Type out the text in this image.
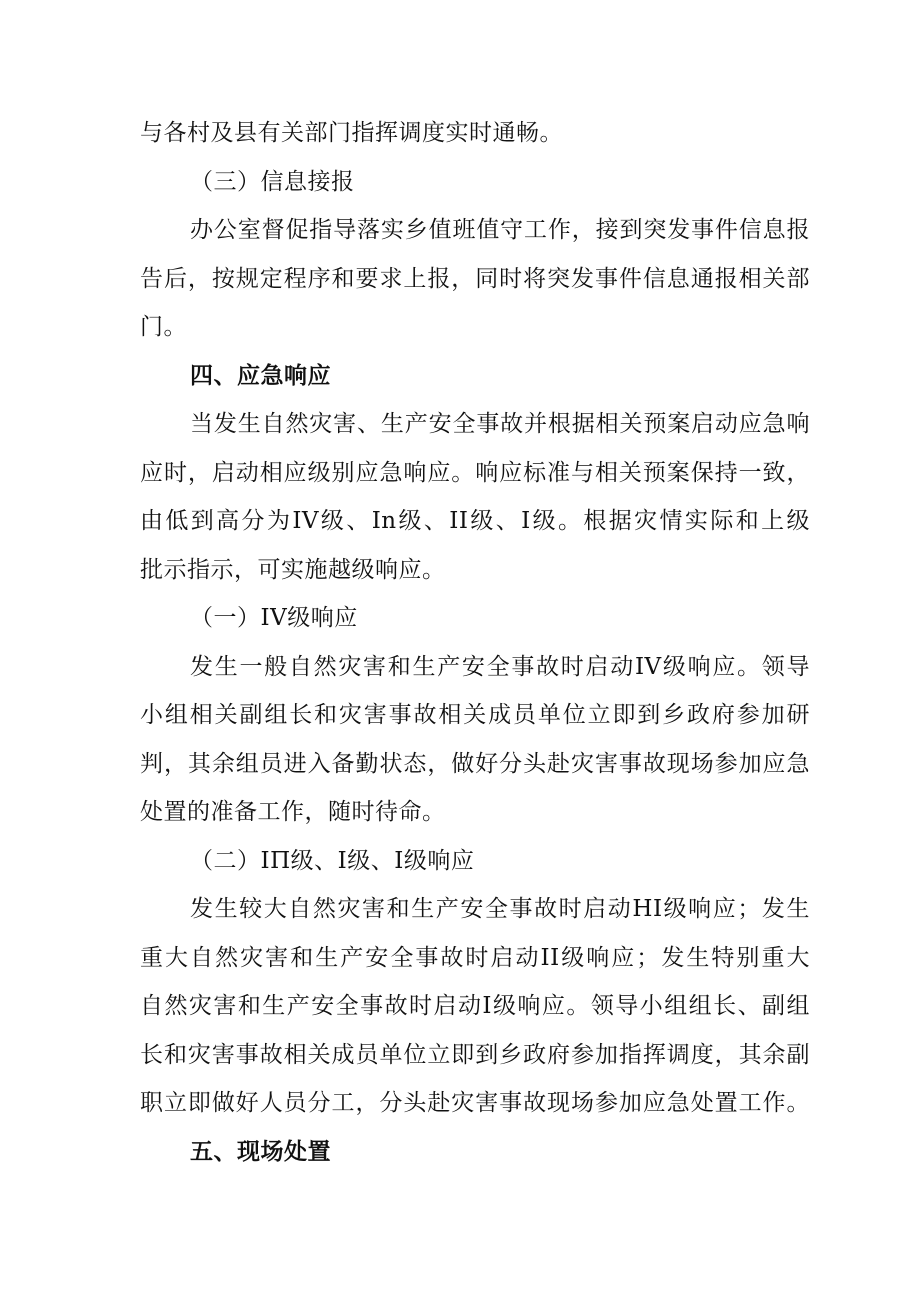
与各村及县有关部门指挥调度实时通畅。
（三）信息接报
办公室督促指导落实乡值班值守工作，接到突发事件信息报
告后，按规定程序和要求上报，同时将突发事件信息通报相关部
门。
四、应急响应
当发生自然灾害、生产安全事故并根据相关预案启动应急响
应时，启动相应级别应急响应。响应标准与相关预案保持一致，
由低到高分为IV级、In级、II级、I级。根据灾情实际和上级
批示指示，可实施越级响应。
（一）IV级响应
发生一般自然灾害和生产安全事故时启动IV级响应。领导
小组相关副组长和灾害事故相关成员单位立即到乡政府参加研
判，其余组员进入备勤状态，做好分头赴灾害事故现场参加应急
处置的准备工作，随时待命。
（二）IΠ级、I级、I级响应
发生较大自然灾害和生产安全事故时启动HI级响应；发生
重大自然灾害和生产安全事故时启动II级响应；发生特别重大
自然灾害和生产安全事故时启动I级响应。领导小组组长、副组
长和灾害事故相关成员单位立即到乡政府参加指挥调度，其余副
职立即做好人员分工，分头赴灾害事故现场参加应急处置工作。
五、现场处置
